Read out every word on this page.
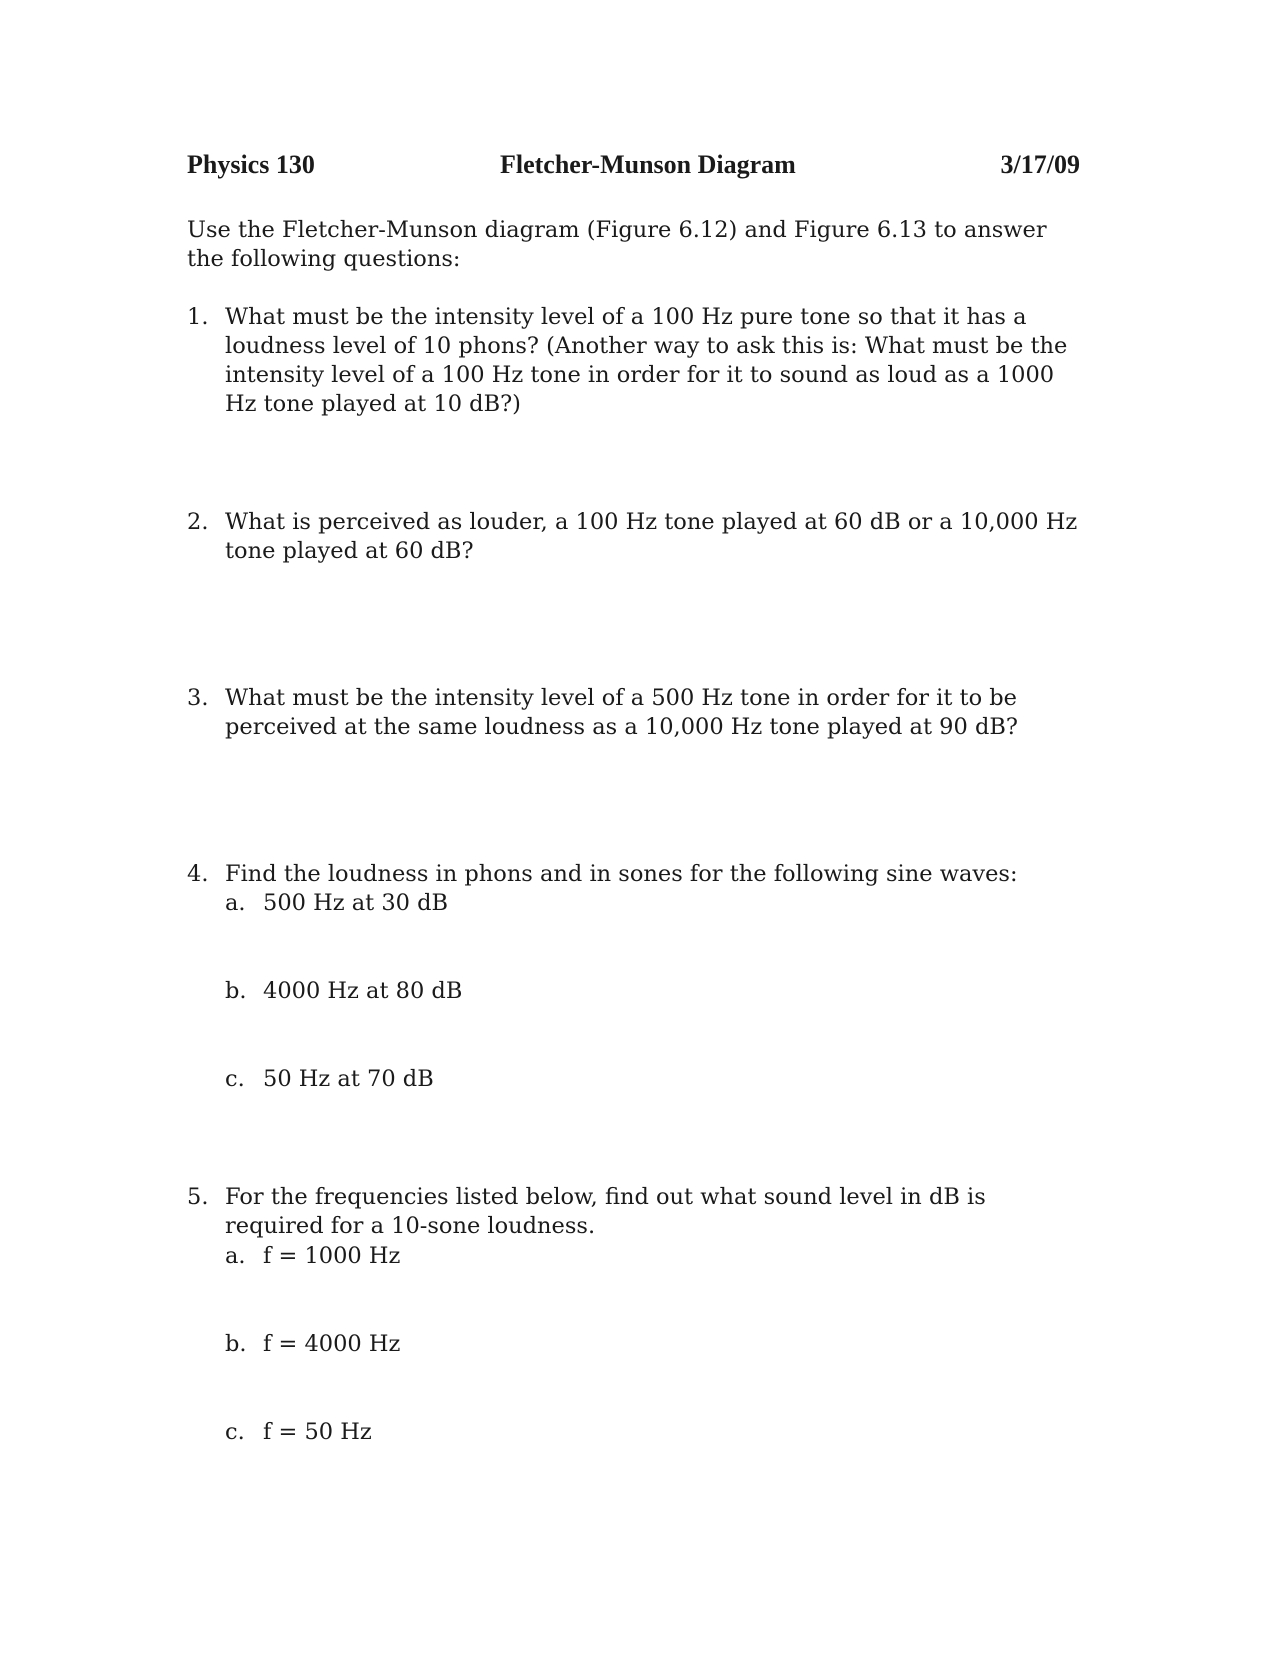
Physics 130	Fletcher-Munson Diagram	3/17/09
Use the Fletcher-Munson diagram (Figure 6.12) and Figure 6.13 to answer the following questions:
1. What must be the intensity level of a 100 Hz pure tone so that it has a loudness level of 10 phons? (Another way to ask this is: What must be the intensity level of a 100 Hz tone in order for it to sound as loud as a 1000 Hz tone played at 10 dB?)
2. What is perceived as louder, a 100 Hz tone played at 60 dB or a 10,000 Hz tone played at 60 dB?
3. What must be the intensity level of a 500 Hz tone in order for it to be perceived at the same loudness as a 10,000 Hz tone played at 90 dB?
4. Find the loudness in phons and in sones for the following sine waves:
a. 500 Hz at 30 dB
b. 4000 Hz at 80 dB
c. 50 Hz at 70 dB
5. For the frequencies listed below, find out what sound level in dB is required for a 10-sone loudness.
a. f = 1000 Hz
b. f = 4000 Hz
c. f = 50 Hz
